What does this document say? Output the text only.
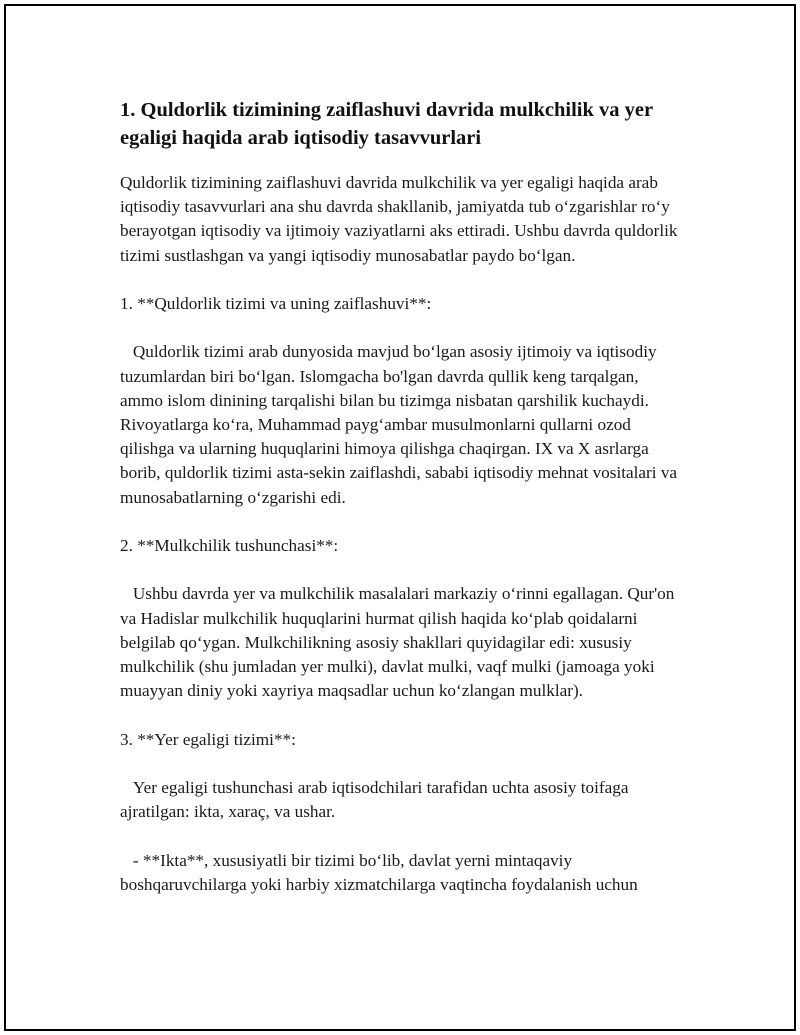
1. Quldorlik tizimining zaiflashuvi davrida mulkchilik va yer egaligi haqida arab iqtisodiy tasavvurlari

Quldorlik tizimining zaiflashuvi davrida mulkchilik va yer egaligi haqida arab iqtisodiy tasavvurlari ana shu davrda shakllanib, jamiyatda tub o‘zgarishlar ro‘y berayotgan iqtisodiy va ijtimoiy vaziyatlarni aks ettiradi. Ushbu davrda quldorlik tizimi sustlashgan va yangi iqtisodiy munosabatlar paydo bo‘lgan.

1. **Quldorlik tizimi va uning zaiflashuvi**:

Quldorlik tizimi arab dunyosida mavjud bo‘lgan asosiy ijtimoiy va iqtisodiy tuzumlardan biri bo‘lgan. Islomgacha bo'lgan davrda qullik keng tarqalgan, ammo islom dinining tarqalishi bilan bu tizimga nisbatan qarshilik kuchaydi. Rivoyatlarga ko‘ra, Muhammad payg‘ambar musulmonlarni qullarni ozod qilishga va ularning huquqlarini himoya qilishga chaqirgan. IX va X asrlarga borib, quldorlik tizimi asta-sekin zaiflashdi, sababi iqtisodiy mehnat vositalari va munosabatlarning o‘zgarishi edi.

2. **Mulkchilik tushunchasi**:

Ushbu davrda yer va mulkchilik masalalari markaziy o‘rinni egallagan. Qur'on va Hadislar mulkchilik huquqlarini hurmat qilish haqida ko‘plab qoidalarni belgilab qo‘ygan. Mulkchilikning asosiy shakllari quyidagilar edi: xususiy mulkchilik (shu jumladan yer mulki), davlat mulki, vaqf mulki (jamoaga yoki muayyan diniy yoki xayriya maqsadlar uchun ko‘zlangan mulklar).

3. **Yer egaligi tizimi**:

Yer egaligi tushunchasi arab iqtisodchilari tarafidan uchta asosiy toifaga ajratilgan: ikta, xaraç, va ushar.

- **Ikta**, xususiyatli bir tizimi bo‘lib, davlat yerni mintaqaviy boshqaruvchilarga yoki harbiy xizmatchilarga vaqtincha foydalanish uchun
